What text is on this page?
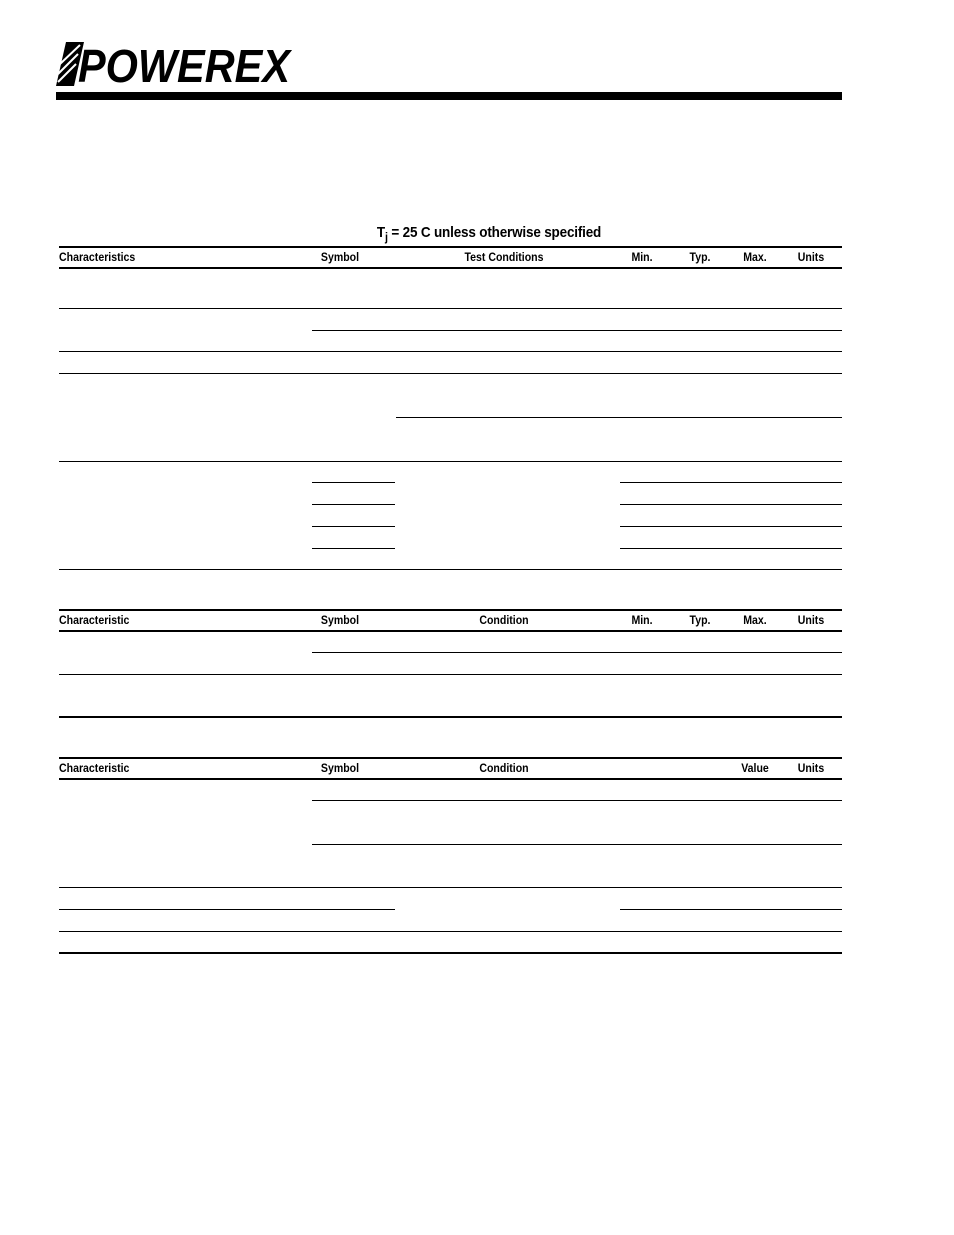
POWEREX
$T_j = 25$ C unless otherwise specified
Characteristics	Symbol	Test Conditions	Min.	Typ.	Max.	Units
Characteristic	Symbol	Condition	Min.	Typ.	Max.	Units
Characteristic	Symbol	Condition	Value	Units
